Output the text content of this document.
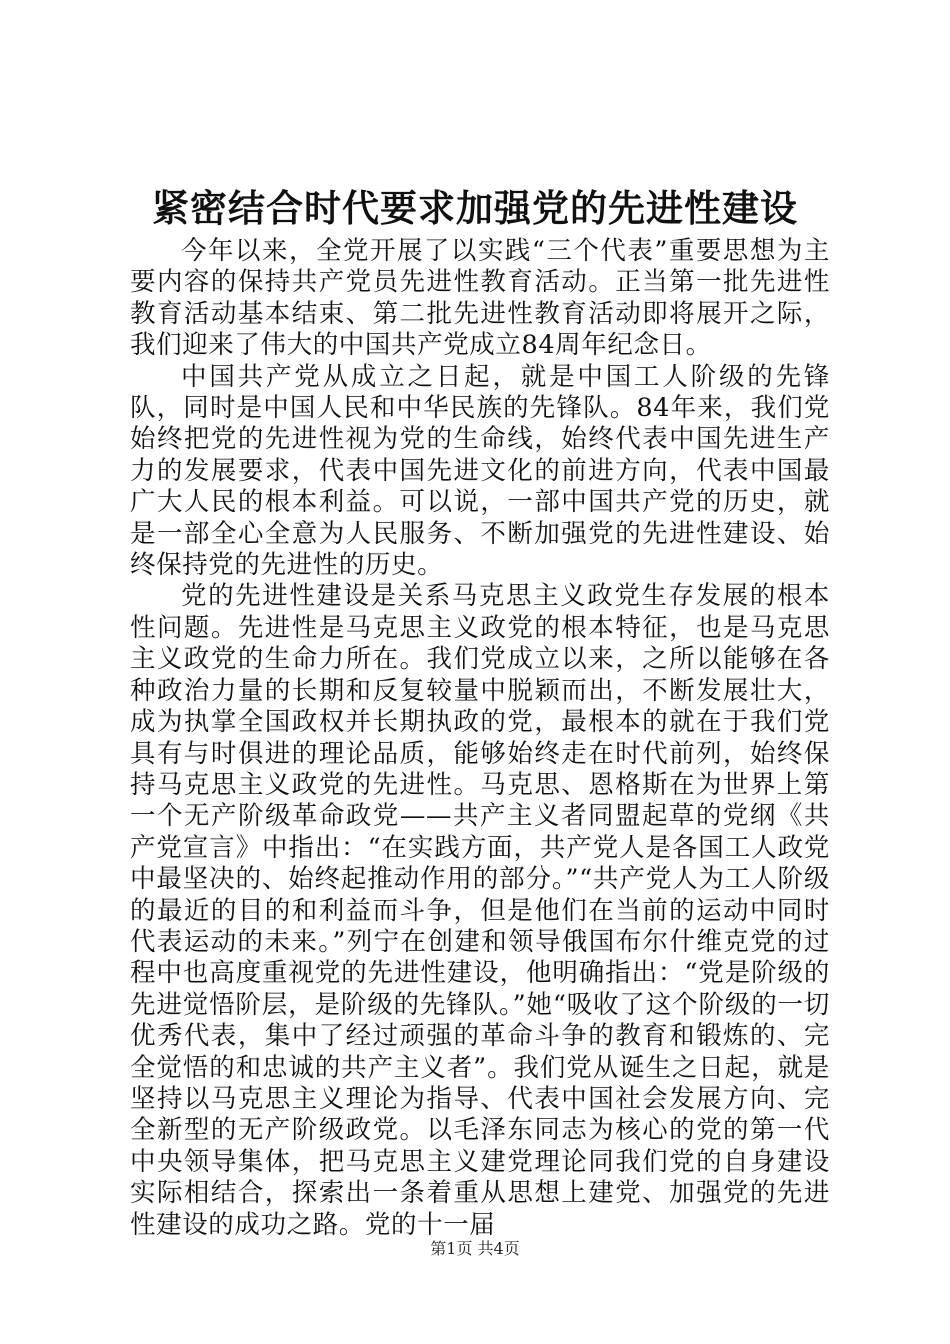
紧密结合时代要求加强党的先进性建设

今年以来，全党开展了以实践“三个代表”重要思想为主要内容的保持共产党员先进性教育活动。正当第一批先进性教育活动基本结束、第二批先进性教育活动即将展开之际，我们迎来了伟大的中国共产党成立84周年纪念日。

中国共产党从成立之日起，就是中国工人阶级的先锋队，同时是中国人民和中华民族的先锋队。84年来，我们党始终把党的先进性视为党的生命线，始终代表中国先进生产力的发展要求，代表中国先进文化的前进方向，代表中国最广大人民的根本利益。可以说，一部中国共产党的历史，就是一部全心全意为人民服务、不断加强党的先进性建设、始终保持党的先进性的历史。

党的先进性建设是关系马克思主义政党生存发展的根本性问题。先进性是马克思主义政党的根本特征，也是马克思主义政党的生命力所在。我们党成立以来，之所以能够在各种政治力量的长期和反复较量中脱颖而出，不断发展壮大，成为执掌全国政权并长期执政的党，最根本的就在于我们党具有与时俱进的理论品质，能够始终走在时代前列，始终保持马克思主义政党的先进性。马克思、恩格斯在为世界上第一个无产阶级革命政党——共产主义者同盟起草的党纲《共产党宣言》中指出：“在实践方面，共产党人是各国工人政党中最坚决的、始终起推动作用的部分。”“共产党人为工人阶级的最近的目的和利益而斗争，但是他们在当前的运动中同时代表运动的未来。”列宁在创建和领导俄国布尔什维克党的过程中也高度重视党的先进性建设，他明确指出：“党是阶级的先进觉悟阶层，是阶级的先锋队。”她“吸收了这个阶级的一切优秀代表，集中了经过顽强的革命斗争的教育和锻炼的、完全觉悟的和忠诚的共产主义者”。我们党从诞生之日起，就是坚持以马克思主义理论为指导、代表中国社会发展方向、完全新型的无产阶级政党。以毛泽东同志为核心的党的第一代中央领导集体，把马克思主义建党理论同我们党的自身建设实际相结合，探索出一条着重从思想上建党、加强党的先进性建设的成功之路。党的十一届

第1页 共4页
